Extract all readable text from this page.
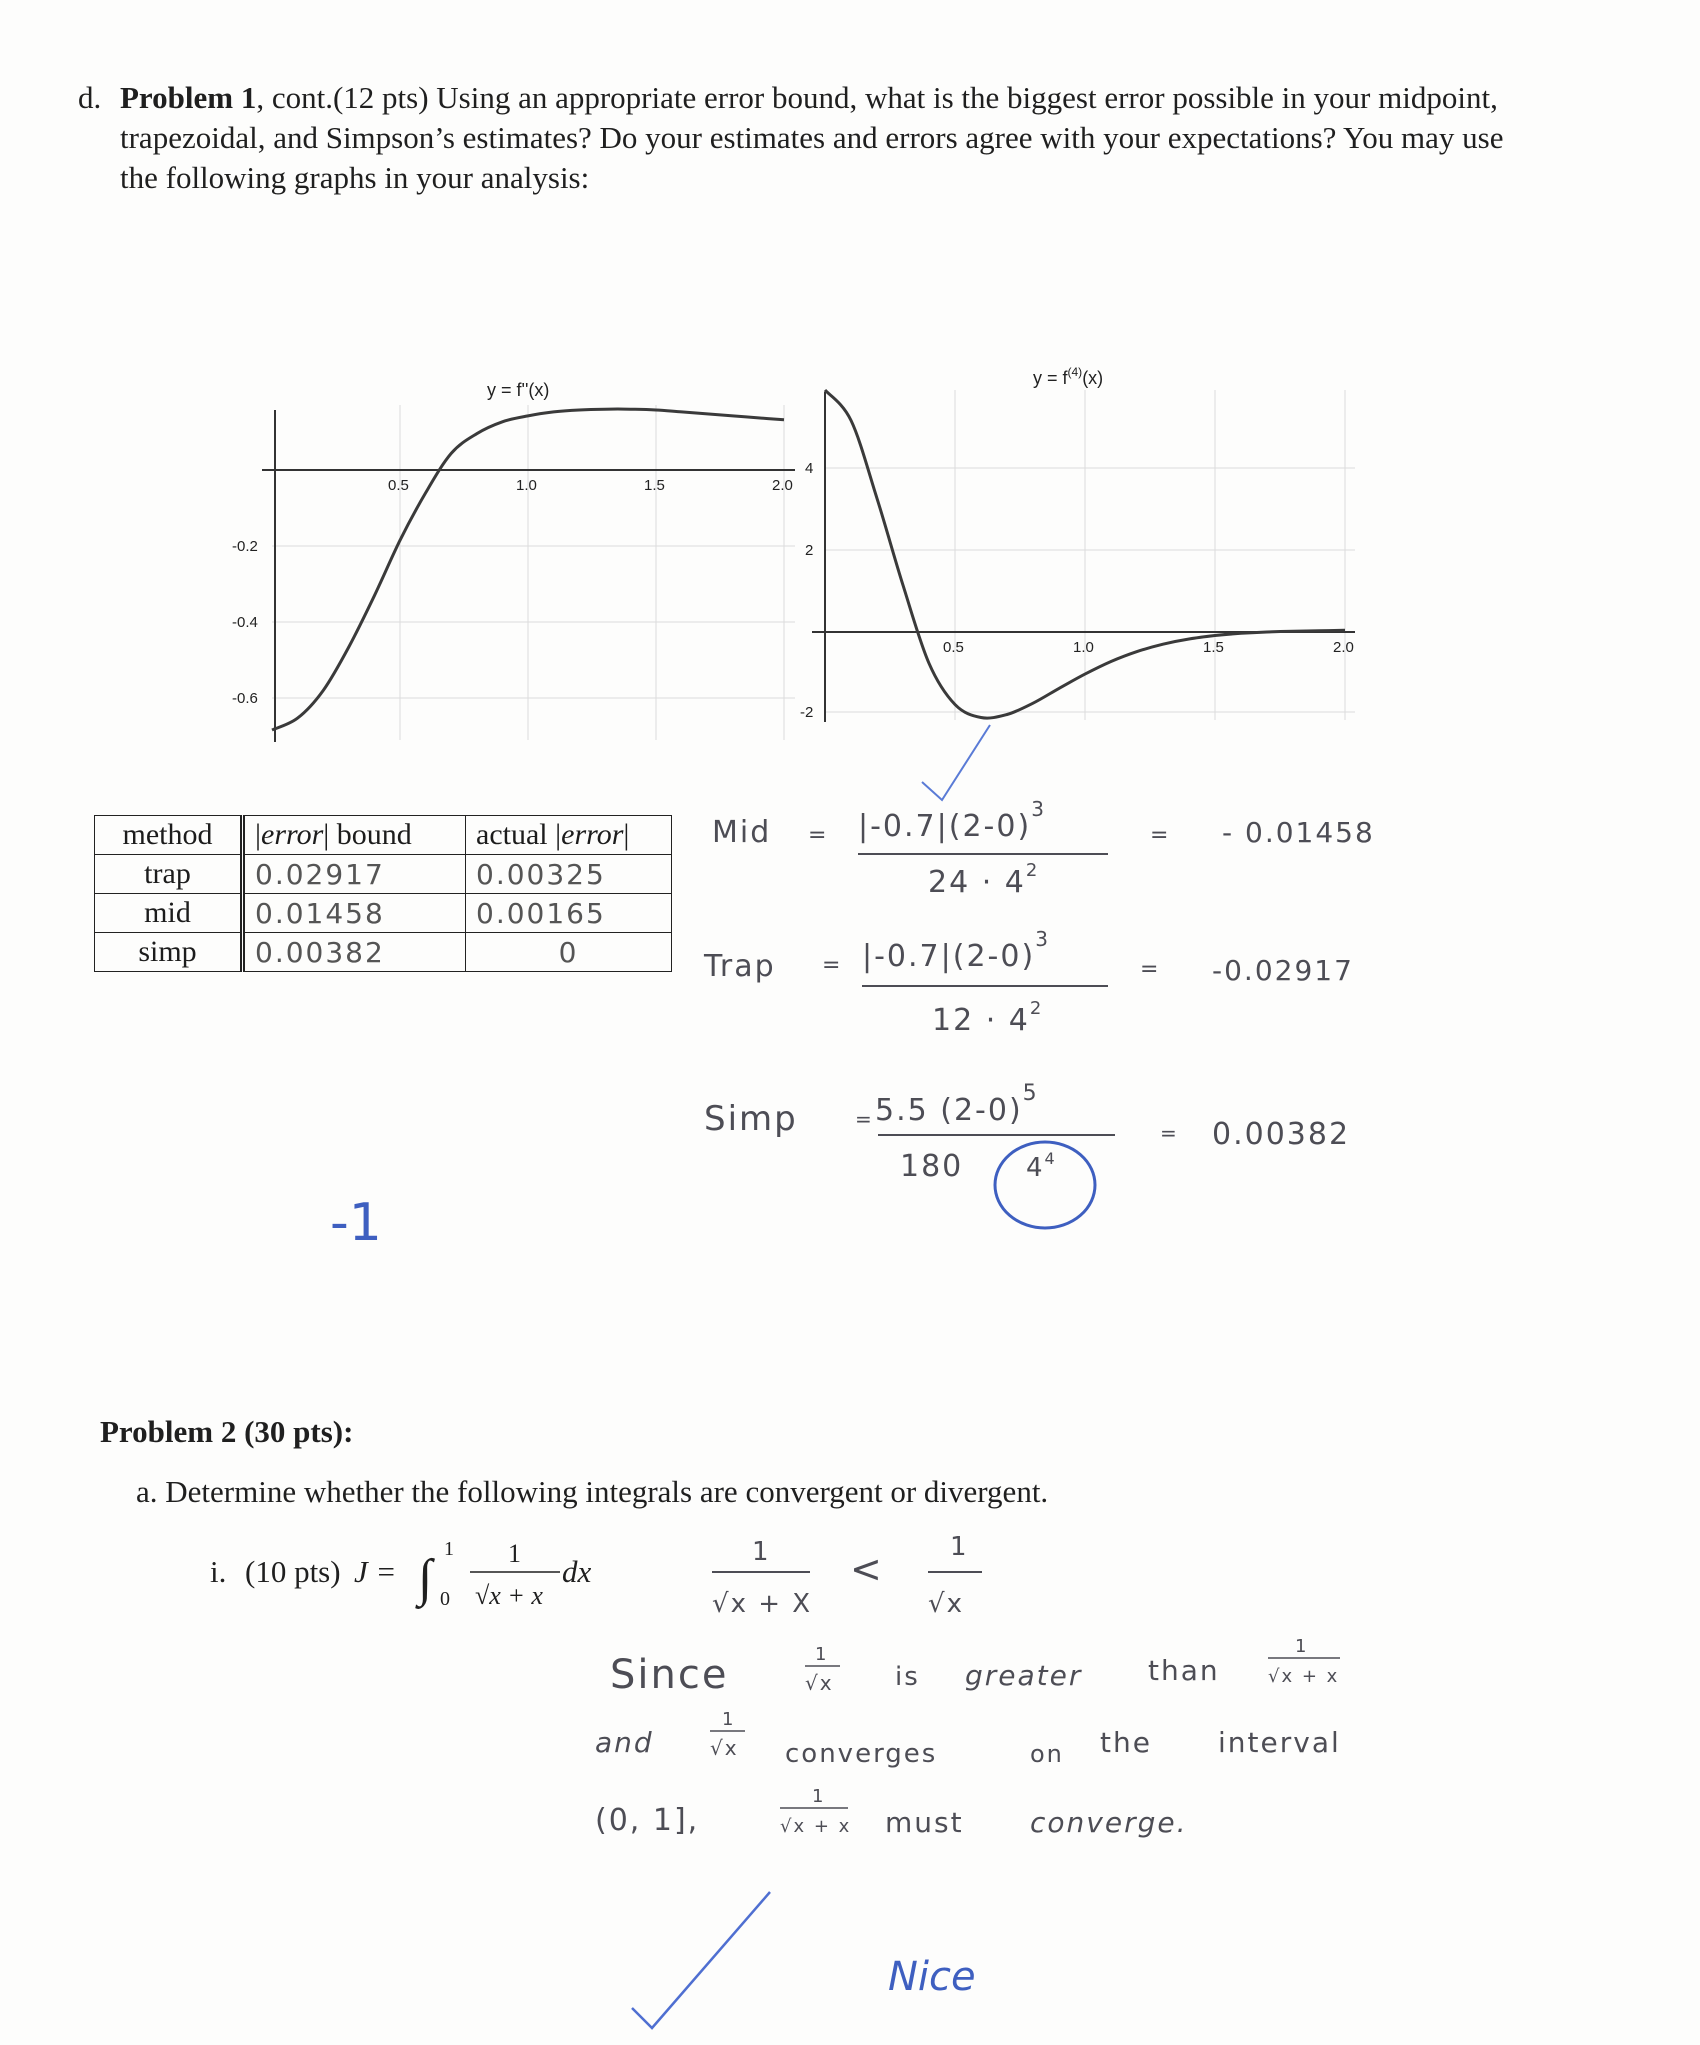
d. Problem 1, cont.(12 pts) Using an appropriate error bound, what is the biggest error possible in your midpoint, trapezoidal, and Simpson’s estimates? Do your estimates and errors agree with your expectations? You may use the following graphs in your analysis:
y = f''(x)
0.5	1.0	1.5	2.0
-0.2
-0.4
-0.6
$y = f^{(4)}(x)$
0.5	1.0	1.5	2.0
4
2
-2
method	|error| bound	actual |error|
trap	0.02917	0.00325
mid	0.01458	0.00165
simp	0.00382	0
Mid = $|-0.7|(2-0)^3$
$24 \cdot 4^2$
= - 0.01458
Trap = $|-0.7|(2-0)^3$
$12 \cdot 4^2$
= -0.02917
Simp	= 5.5 $(2-0)^5$
180 $4^4$
= 0.00382
-1
Problem 2 (30 pts):
a. Determine whether the following integrals are convergent or divergent.
i. (10 pts) J = ∫
1
0
1
√x + x
dx
1
√x + X
<	1
√x
Since	1
√x is greater than
1
√x + x
and
1
√x converges	on the interval
(0, 1],
1
√x + x must converge.
Nice
